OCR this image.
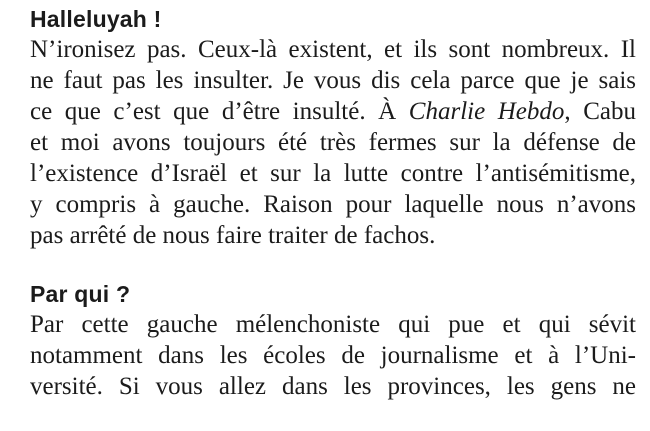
Halleluyah !
N’ironisez pas. Ceux-là existent, et ils sont nombreux. Il
ne faut pas les insulter. Je vous dis cela parce que je sais
ce que c’est que d’être insulté. À Charlie Hebdo, Cabu
et moi avons toujours été très fermes sur la défense de
l’existence d’Israël et sur la lutte contre l’antisémitisme,
y compris à gauche. Raison pour laquelle nous n’avons
pas arrêté de nous faire traiter de fachos.
Par qui ?
Par cette gauche mélenchoniste qui pue et qui sévit
notamment dans les écoles de journalisme et à l’Uni-
versité. Si vous allez dans les provinces, les gens ne
